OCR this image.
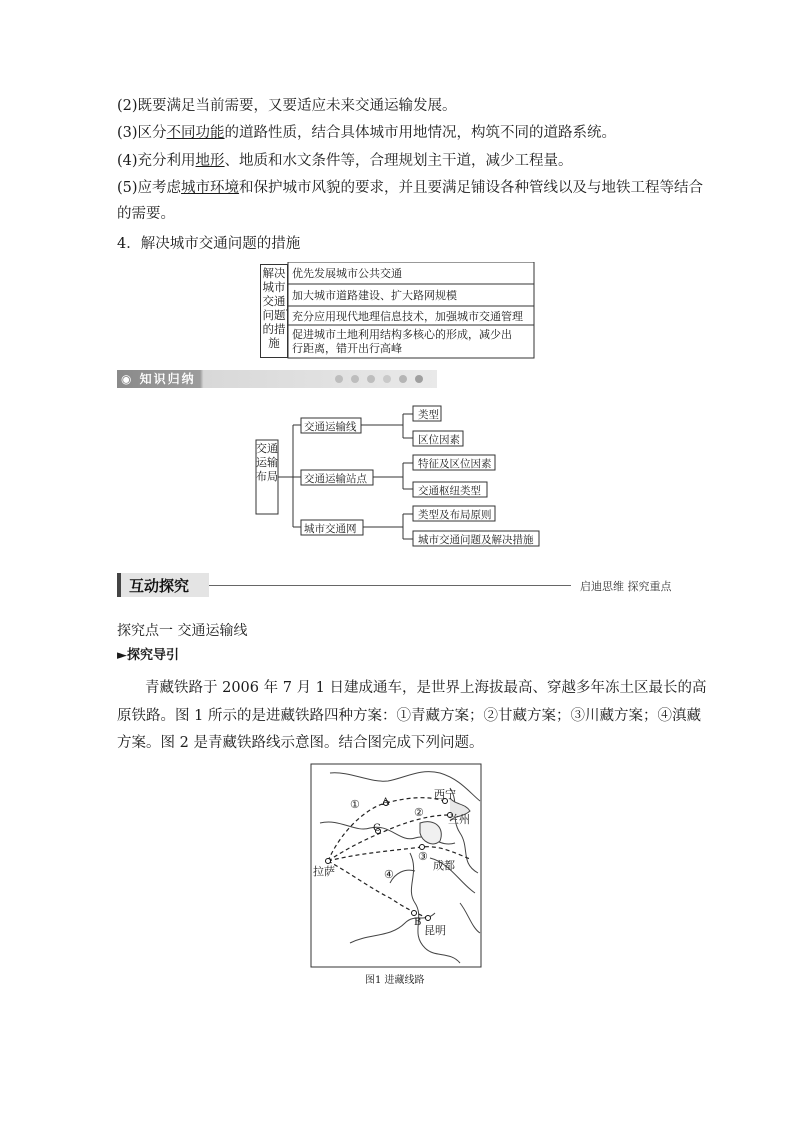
(2)既要满足当前需要，又要适应未来交通运输发展。
(3)区分不同功能的道路性质，结合具体城市用地情况，构筑不同的道路系统。
(4)充分利用地形、地质和水文条件等，合理规划主干道，减少工程量。
(5)应考虑城市环境和保护城市风貌的要求，并且要满足铺设各种管线以及与地铁工程等结合
的需要。
4．解决城市交通问题的措施
解决
城市
交通
问题
的措
施
优先发展城市公共交通
加大城市道路建设、扩大路网规模
充分应用现代地理信息技术，加强城市交通管理
促进城市土地利用结构多核心的形成，减少出
行距离，错开出行高峰
◉ 知识归纳
交通
运输
布局
交通运输线
交通运输站点
城市交通网
类型
区位因素
特征及区位因素
交通枢纽类型
类型及布局原则
城市交通问题及解决措施
互动探究	启迪思维 探究重点
探究点一 交通运输线
►探究导引
青藏铁路于 2006 年 7 月 1 日建成通车，是世界上海拔最高、穿越多年冻土区最长的高
原铁路。图 1 所示的是进藏铁路四种方案：①青藏方案；②甘藏方案；③川藏方案；④滇藏
方案。图 2 是青藏铁路线示意图。结合图完成下列问题。
西宁
兰州
成都
拉萨
昆明
A
B
C
①
②
③
④
图1 进藏线路
